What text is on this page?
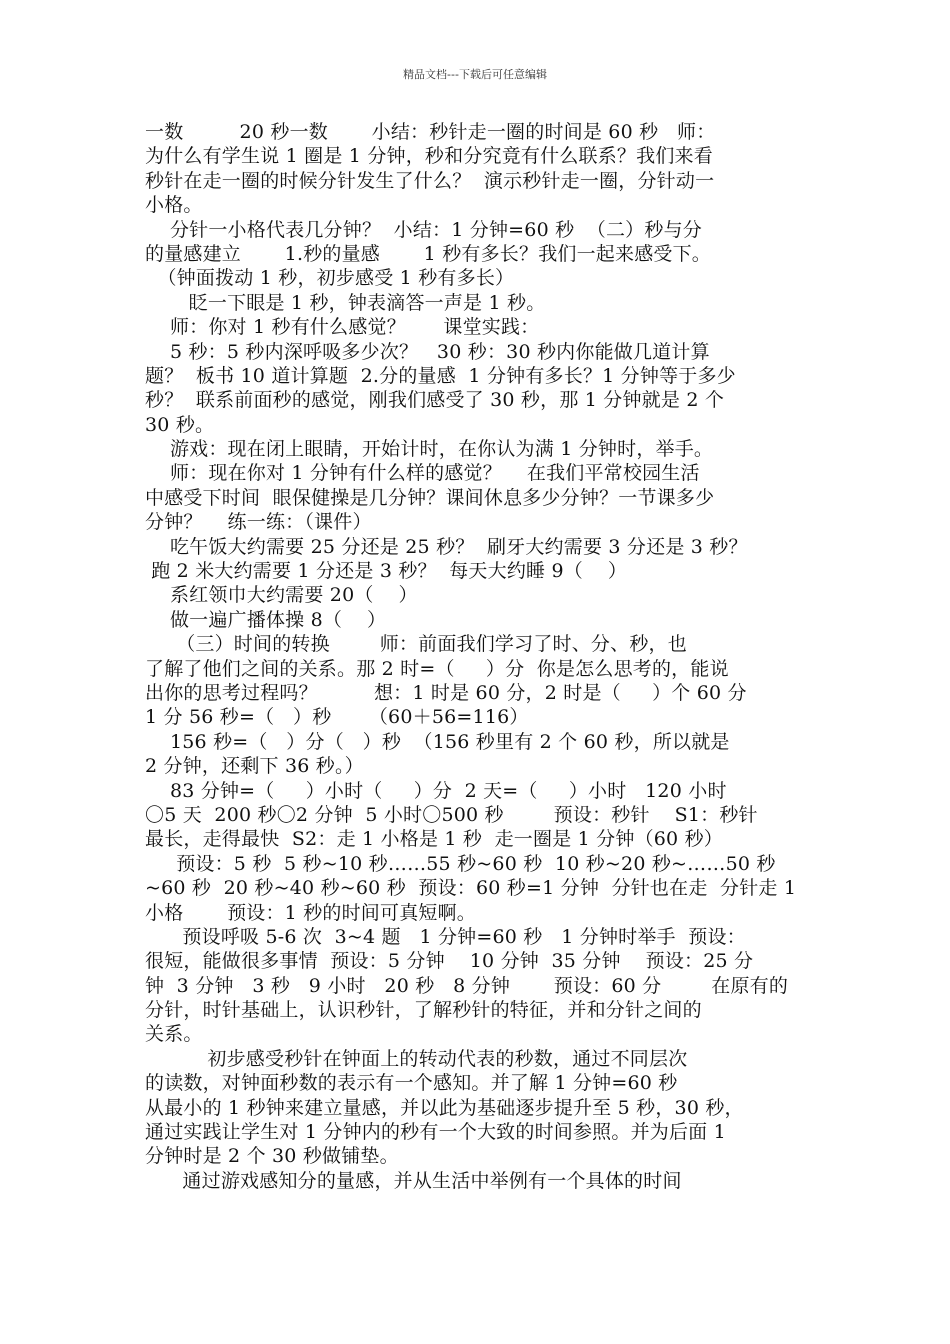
精品文档---下载后可任意编辑
一数         20 秒一数       小结：秒针走一圈的时间是 60 秒   师：
为什么有学生说 1 圈是 1 分钟，秒和分究竟有什么联系？我们来看
秒针在走一圈的时候分针发生了什么？  演示秒针走一圈，分针动一
小格。
分针一小格代表几分钟？  小结：1 分钟=60 秒  （二）秒与分
的量感建立       1.秒的量感       1 秒有多长？我们一起来感受下。
（钟面拨动 1 秒，初步感受 1 秒有多长）
眨一下眼是 1 秒，钟表滴答一声是 1 秒。
师：你对 1 秒有什么感觉？      课堂实践：
5 秒：5 秒内深呼吸多少次？   30 秒：30 秒内你能做几道计算
题？  板书 10 道计算题  2.分的量感  1 分钟有多长？1 分钟等于多少
秒？  联系前面秒的感觉，刚我们感受了 30 秒，那 1 分钟就是 2 个
30 秒。
游戏：现在闭上眼睛，开始计时，在你认为满 1 分钟时，举手。
师：现在你对 1 分钟有什么样的感觉？    在我们平常校园生活
中感受下时间  眼保健操是几分钟？课间休息多少分钟？一节课多少
分钟？    练一练：（课件）
吃午饭大约需要 25 分还是 25 秒？  刷牙大约需要 3 分还是 3 秒？
跑 2 米大约需要 1 分还是 3 秒？  每天大约睡 9（    ）
系红领巾大约需要 20（    ）
做一遍广播体操 8（    ）
（三）时间的转换        师：前面我们学习了时、分、秒，也
了解了他们之间的关系。那 2 时=（     ）分  你是怎么思考的，能说
出你的思考过程吗？         想：1 时是 60 分，2 时是（     ）个 60 分
1 分 56 秒=（   ）秒      （60＋56=116）
156 秒=（   ）分（   ）秒  （156 秒里有 2 个 60 秒，所以就是
2 分钟，还剩下 36 秒。）
83 分钟=（     ）小时（     ）分  2 天=（     ）小时   120 小时
〇5 天  200 秒〇2 分钟  5 小时〇500 秒        预设：秒针    S1：秒针
最长，走得最快  S2：走 1 小格是 1 秒  走一圈是 1 分钟（60 秒）
预设：5 秒  5 秒~10 秒……55 秒~60 秒  10 秒~20 秒~……50 秒
~60 秒  20 秒~40 秒~60 秒  预设：60 秒=1 分钟  分针也在走  分针走 1
小格       预设：1 秒的时间可真短啊。
预设呼吸 5-6 次  3~4 题   1 分钟=60 秒   1 分钟时举手  预设：
很短，能做很多事情  预设：5 分钟    10 分钟  35 分钟    预设：25 分
钟  3 分钟   3 秒   9 小时   20 秒   8 分钟       预设：60 分        在原有的
分针，时针基础上，认识秒针，了解秒针的特征，并和分针之间的
关系。
初步感受秒针在钟面上的转动代表的秒数，通过不同层次
的读数，对钟面秒数的表示有一个感知。并了解 1 分钟=60 秒
从最小的 1 秒钟来建立量感，并以此为基础逐步提升至 5 秒，30 秒，
通过实践让学生对 1 分钟内的秒有一个大致的时间参照。并为后面 1
分钟时是 2 个 30 秒做铺垫。
通过游戏感知分的量感，并从生活中举例有一个具体的时间
